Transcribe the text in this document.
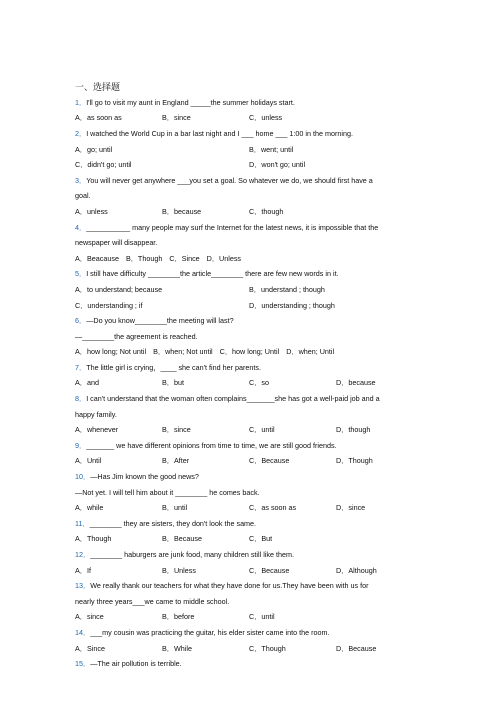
一、选择题
1．I'll go to visit my aunt in England _____the summer holidays start.
A．as soon as	B．since	C．unless
2．I watched the World Cup in a bar last night and I ___ home ___ 1:00 in the morning.
A．go; until	B．went; until
C．didn't go; until	D．won't go; until
3．You will never get anywhere ___you set a goal. So whatever we do, we should first have a
goal.
A．unless	B．because	C．though
4．___________ many people may surf the Internet for the latest news, it is impossible that the
newspaper will disappear.
A．Beacause B．Though C．Since D．Unless
5．I still have difficulty ________the article________ there are few new words in it.
A．to understand; because	B．understand ; though
C．understanding ; if	D．understanding ; though
6．—Do you know________the meeting will last?
—________the agreement is reached.
A．how long; Not until B．when; Not until C．how long; Until D．when; Until
7．The little girl is crying，____ she can't find her parents.
A．and	B．but	C．so	D．because
8．I can't understand that the woman often complains_______she has got a well-paid job and a
happy family.
A．whenever	B．since	C．until	D．though
9．_______ we have different opinions from time to time, we are still good friends.
A．Until	B．After	C．Because	D．Though
10．—Has Jim known the good news?
—Not yet. I will tell him about it ________ he comes back.
A．while	B．until	C．as soon as	D．since
11．________ they are sisters, they don't look the same.
A．Though	B．Because	C．But
12．________ haburgers are junk food, many children still like them.
A．If	B．Unless	C．Because	D．Although
13．We really thank our teachers for what they have done for us.They have been with us for
nearly three years___we came to middle school.
A．since	B．before	C．until
14．___my cousin was practicing the guitar, his elder sister came into the room.
A．Since	B．While	C．Though	D．Because
15．—The air pollution is terrible.
